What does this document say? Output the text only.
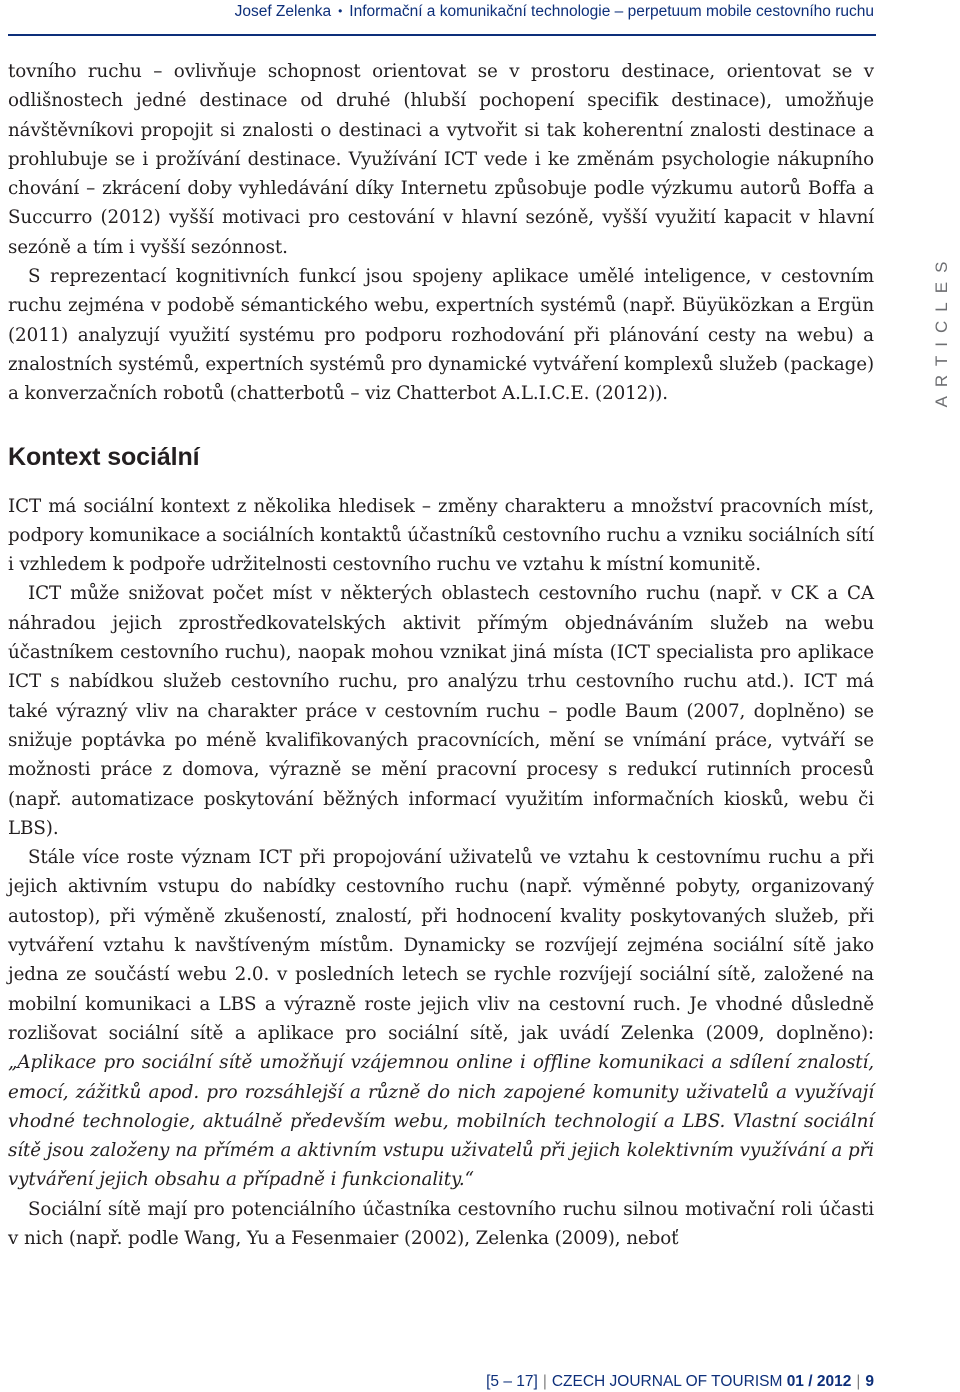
Josef Zelenka • Informační a komunikační technologie – perpetuum mobile cestovního ruchu
ARTICLES

tovního ruchu – ovlivňuje schopnost orientovat se v prostoru destinace, orientovat se v odlišnostech jedné destinace od druhé (hlubší pochopení specifik destinace), umožňuje návštěvníkovi propojit si znalosti o destinaci a vytvořit si tak koherentní znalosti destinace a prohlubuje se i prožívání destinace. Využívání ICT vede i ke změnám psychologie nákupního chování – zkrácení doby vyhledávání díky Internetu způsobuje podle výzkumu autorů Boffa a Succurro (2012) vyšší motivaci pro cestování v hlavní sezóně, vyšší využití kapacit v hlavní sezóně a tím i vyšší sezónnost.

S reprezentací kognitivních funkcí jsou spojeny aplikace umělé inteligence, v cestovním ruchu zejména v podobě sémantického webu, expertních systémů (např. Büyüközkan a Ergün (2011) analyzují využití systému pro podporu rozhodování při plánování cesty na webu) a znalostních systémů, expertních systémů pro dynamické vytváření komplexů služeb (package) a konverzačních robotů (chatterbotů – viz Chatterbot A.L.I.C.E. (2012)).

Kontext sociální

ICT má sociální kontext z několika hledisek – změny charakteru a množství pracovních míst, podpory komunikace a sociálních kontaktů účastníků cestovního ruchu a vzniku sociálních sítí i vzhledem k podpoře udržitelnosti cestovního ruchu ve vztahu k místní komunitě.

ICT může snižovat počet míst v některých oblastech cestovního ruchu (např. v CK a CA náhradou jejich zprostředkovatelských aktivit přímým objednáváním služeb na webu účastníkem cestovního ruchu), naopak mohou vznikat jiná místa (ICT specialista pro aplikace ICT s nabídkou služeb cestovního ruchu, pro analýzu trhu cestovního ruchu atd.). ICT má také výrazný vliv na charakter práce v cestovním ruchu – podle Baum (2007, doplněno) se snižuje poptávka po méně kvalifikovaných pracovnících, mění se vnímání práce, vytváří se možnosti práce z domova, výrazně se mění pracovní procesy s redukcí rutinních procesů (např. automatizace poskytování běžných informací využitím informačních kiosků, webu či LBS).

Stále více roste význam ICT při propojování uživatelů ve vztahu k cestovnímu ruchu a při jejich aktivním vstupu do nabídky cestovního ruchu (např. výměnné pobyty, organizovaný autostop), při výměně zkušeností, znalostí, při hodnocení kvality poskytovaných služeb, při vytváření vztahu k navštíveným místům. Dynamicky se rozvíjejí zejména sociální sítě jako jedna ze součástí webu 2.0. v posledních letech se rychle rozvíjejí sociální sítě, založené na mobilní komunikaci a LBS a výrazně roste jejich vliv na cestovní ruch. Je vhodné důsledně rozlišovat sociální sítě a aplikace pro sociální sítě, jak uvádí Zelenka (2009, doplněno): „Aplikace pro sociální sítě umožňují vzájemnou online i offline komunikaci a sdílení znalostí, emocí, zážitků apod. pro rozsáhlejší a různě do nich zapojené komunity uživatelů a využívají vhodné technologie, aktuálně především webu, mobilních technologií a LBS. Vlastní sociální sítě jsou založeny na přímém a aktivním vstupu uživatelů při jejich kolektivním využívání a při vytváření jejich obsahu a případně i funkcionality.“

Sociální sítě mají pro potenciálního účastníka cestovního ruchu silnou motivační roli účasti v nich (např. podle Wang, Yu a Fesenmaier (2002), Zelenka (2009), neboť

[5 – 17] | CZECH JOURNAL OF TOURISM 01 / 2012 | 9
